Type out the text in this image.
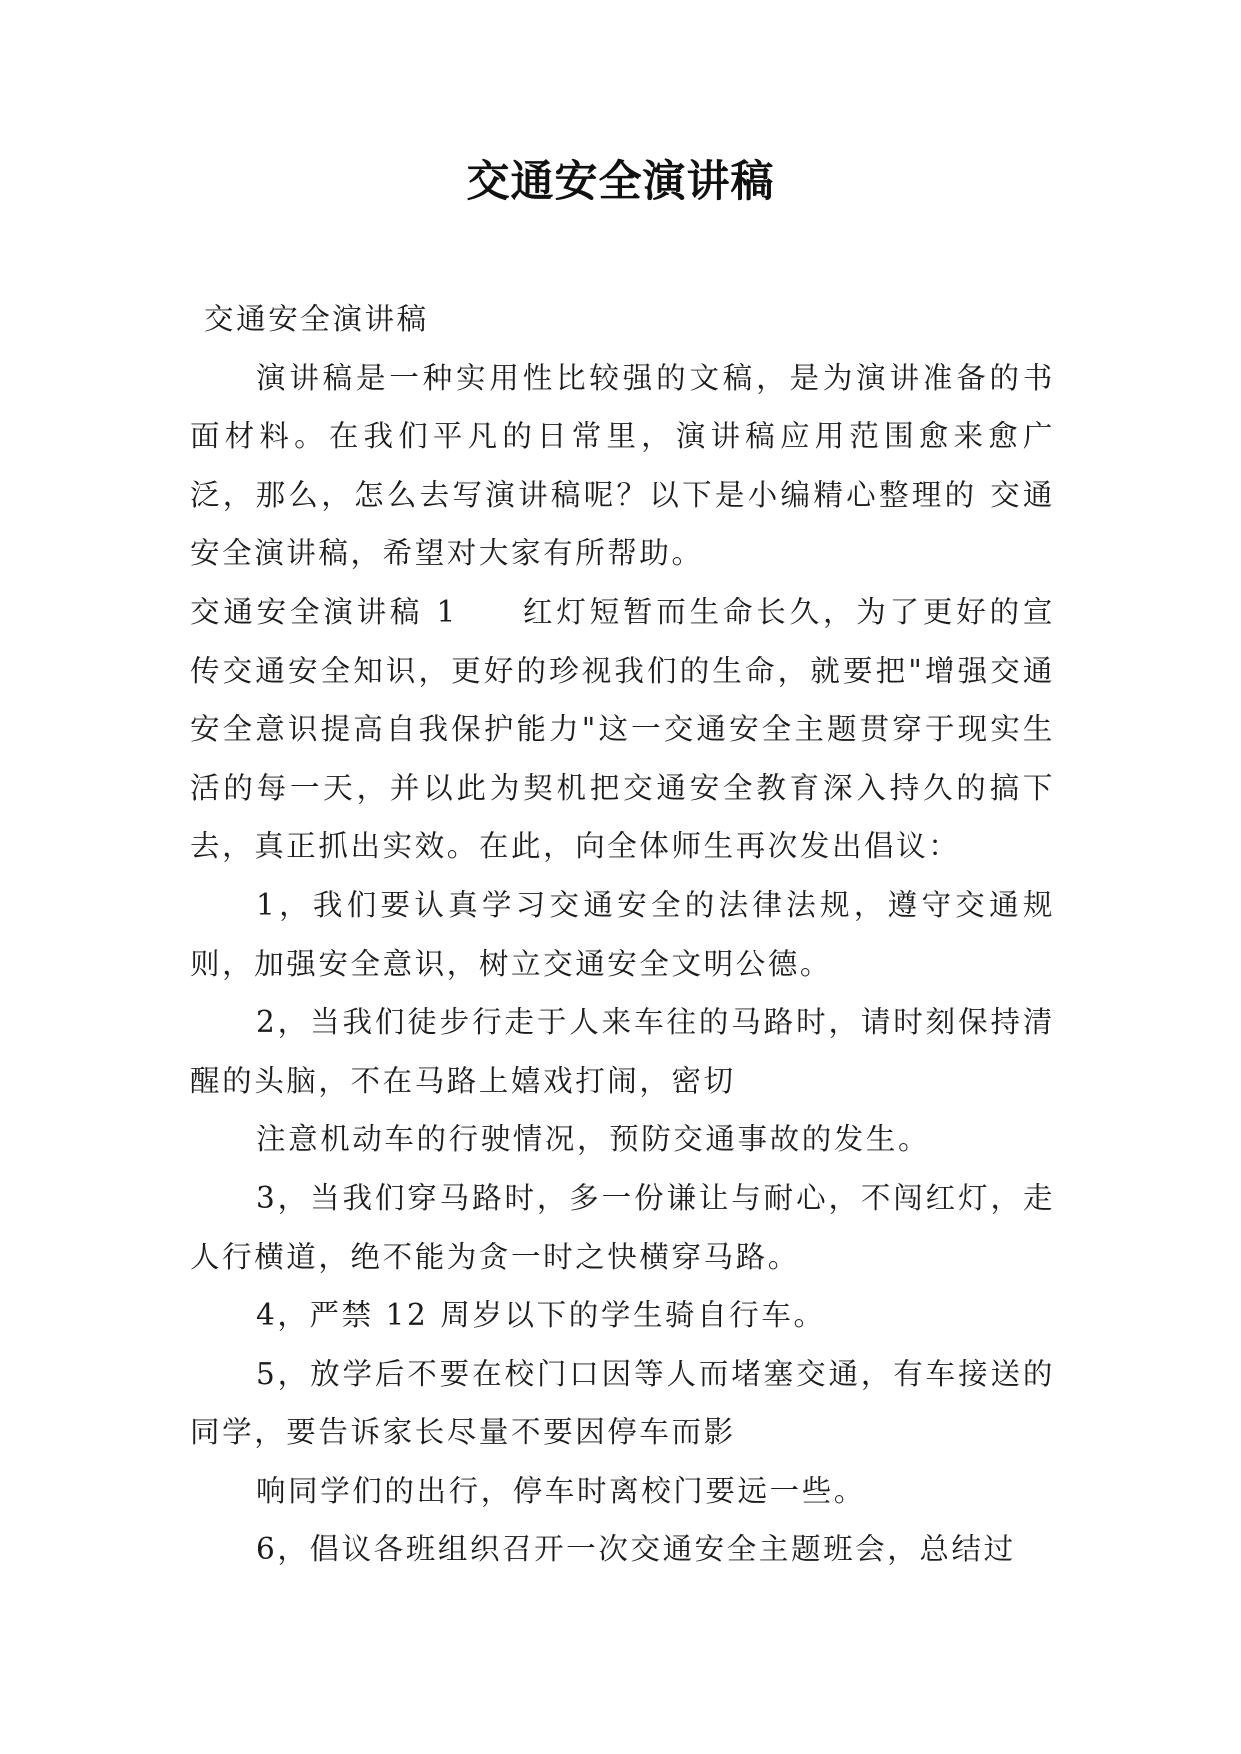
交通安全演讲稿

交通安全演讲稿

演讲稿是一种实用性比较强的文稿，是为演讲准备的书面材料。在我们平凡的日常里，演讲稿应用范围愈来愈广泛，那么，怎么去写演讲稿呢？以下是小编精心整理的 交通安全演讲稿，希望对大家有所帮助。

交通安全演讲稿 1 红灯短暂而生命长久，为了更好的宣传交通安全知识，更好的珍视我们的生命，就要把"增强交通安全意识提高自我保护能力"这一交通安全主题贯穿于现实生活的每一天，并以此为契机把交通安全教育深入持久的搞下去，真正抓出实效。在此，向全体师生再次发出倡议：

1，我们要认真学习交通安全的法律法规，遵守交通规则，加强安全意识，树立交通安全文明公德。

2，当我们徒步行走于人来车往的马路时，请时刻保持清醒的头脑，不在马路上嬉戏打闹，密切

注意机动车的行驶情况，预防交通事故的发生。

3，当我们穿马路时，多一份谦让与耐心，不闯红灯，走人行横道，绝不能为贪一时之快横穿马路。

4，严禁 12 周岁以下的学生骑自行车。

5，放学后不要在校门口因等人而堵塞交通，有车接送的同学，要告诉家长尽量不要因停车而影

响同学们的出行，停车时离校门要远一些。

6，倡议各班组织召开一次交通安全主题班会，总结过
